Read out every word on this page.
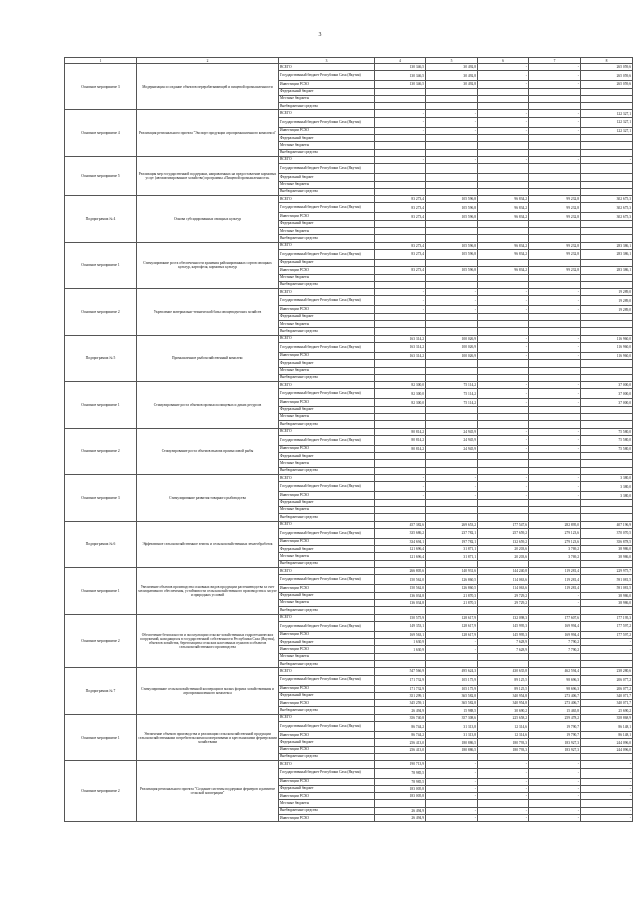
3
1	2	3	4	5	6	7	8
Основное мероприятие 3	Модернизация и создание объектов перерабатывающей и пищевой промышленности	ВСЕГО	130 346,5	30 492,8	-	-	265 059,6
		Государственный бюджет Республики Саха (Якутия)	130 346,5	30 492,8	-	-	265 059,6
		Инвестиции РСХО	130 346,5	30 492,8	-	-	265 059,6
		Федеральный бюджет					
		Местные бюджеты					
		Внебюджетные средства					
Основное мероприятие 4	Реализация регионального проекта "Экспорт продукции агропромышленного комплекса"	ВСЕГО	-	-	-	-	122 327,1
		Государственный бюджет Республики Саха (Якутия)	-	-	-	-	122 327,1
		Инвестиции РСХО	-	-	-	-	122 327,1
		Федеральный бюджет					
		Местные бюджеты					
		Внебюджетные средства					
Основное мероприятие 5	Реализация мер государственной поддержки, направленных на предоставление кормовых услуг (автоматизированное хозяйство) программы «Пищевой промышленности»	ВСЕГО	-	-	-	-	-
		Государственный бюджет Республики Саха (Якутия)					
		Федеральный бюджет					
		Местные бюджеты					
		Внебюджетные средства					
Подпрограмма № 4	Основа субсидированных овощных культур	ВСЕГО	83 273,4	105 596,8	96 834,2	99 232,8	302 675,3
		Государственный бюджет Республики Саха (Якутия)	83 273,4	105 596,8	96 834,2	99 232,8	302 675,3
		Инвестиции РСХО	83 273,4	105 596,8	96 834,2	99 232,8	302 675,3
		Федеральный бюджет					
		Местные бюджеты					
		Внебюджетные средства					
Основное мероприятие 1	Стимулирование роста обеспеченности хранения районированных сортов овощных культур, картофеля, кормовых культур	ВСЕГО	83 273,4	105 596,8	96 834,2	99 232,8	283 386,1
		Государственный бюджет Республики Саха (Якутия)	83 273,4	105 596,8	96 834,2	99 232,8	283 386,1
		Федеральный бюджет					
		Инвестиции РСХО	83 273,4	105 596,8	96 834,2	99 232,8	283 386,1
		Местные бюджеты					
		Внебюджетные средства					
Основное мероприятие 2	Укрепление материально-технической базы овощеводческих хозяйств	ВСЕГО	-	-	-	-	19 289,0
		Государственный бюджет Республики Саха (Якутия)	-	-	-	-	19 289,0
		Инвестиции РСХО	-	-	-	-	19 289,0
		Федеральный бюджет					
		Местные бюджеты					
		Внебюджетные средства					
Подпрограмма № 5	Промышленное рыбохозяйственный комплекс	ВСЕГО	163 314,2	100 026,9	-	-	116 960,0
		Государственный бюджет Республики Саха (Якутия)	163 314,2	100 026,9	-	-	116 960,0
		Инвестиции РСХО	163 314,2	100 026,9	-	-	116 960,0
		Федеральный бюджет					
		Местные бюджеты					
		Внебюджетные средства					
Основное мероприятие 1	Стимулирование роста объемов промысла пищевых и диких ресурсов	ВСЕГО	82 300,0	75 114,2	-	-	37 000,0
		Государственный бюджет Республики Саха (Якутия)	82 300,0	75 114,2	-	-	37 000,0
		Инвестиции РСХО	82 300,0	75 114,2	-	-	37 000,0
		Федеральный бюджет					
		Местные бюджеты					
		Внебюджетные средства					
Основное мероприятие 2	Стимулирование роста объемов вылова промысловой рыбы	ВСЕГО	80 814,2	24 945,9	-	-	75 580,0
		Государственный бюджет Республики Саха (Якутия)	80 814,2	24 945,9	-	-	75 580,0
		Инвестиции РСХО	80 814,2	24 945,9	-	-	75 580,0
		Федеральный бюджет					
		Местные бюджеты					
		Внебюджетные средства					
Основное мероприятие 3	Стимулирование развития товарного рыбоводства	ВСЕГО	-	-	-	-	3 380,0
		Государственный бюджет Республики Саха (Якутия)	-	-	-	-	3 380,0
		Инвестиции РСХО	-	-	-	-	3 380,0
		Федеральный бюджет					
		Местные бюджеты					
		Внебюджетные средства					
Подпрограмма № 6	Эффективное сельскохозяйственное земель и сельскохозяйственных землеобработок	ВСЕГО	457 382,6	269 653,2	177 547,6	282 895,0	407 196,9
		Государственный бюджет Республики Саха (Якутия)	335 686,2	237 782,1	257 659,2	279 123,6	370 070,5
		Инвестиции РСХО	334 694,1	197 782,1	132 659,2	279 123,6	356 878,5
		Федеральный бюджет	121 696,4	31 871,1	20 203,6	3 769,2	38 986,0
		Местные бюджеты	121 696,4	31 871,1	20 203,6	3 769,2	38 986,0
		Внебюджетные средства					
Основное мероприятие 1	Увеличение объемов производства основных видов продукции растениеводства за счет мелиоративного обеспечения, устойчивости сельскохозяйственного производства к засухе и природных условий	ВСЕГО	266 805,6	140 931,6	144 240,8	119 281,4	229 975,7
		Государственный бюджет Республики Саха (Якутия)	150 562,0	126 860,5	114 063,6	119 281,4	591 081,5
		Инвестиции РСХО	150 562,0	126 860,5	114 063,6	119 281,4	591 081,5
		Федеральный бюджет	136 034,8	21 870,3	29 729,2	-	38 986,0
		Местные бюджеты	136 034,8	21 870,3	29 729,2	-	38 986,0
		Внебюджетные средства					
Основное мероприятие 2	Обеспечение безопасности и эксплуатации сельско-хозяйственных гидротехнических сооружений, находящихся в государственной собственности Республики Саха (Якутия), объектов хозяйства, берегозащиты сельских населенных пунктов и объектов сельскохозяйственного производства	ВСЕГО	150 575,9	128 617,9	132 098,3	177 607,6	177 195,3
		Государственный бюджет Республики Саха (Якутия)	149 353,1	128 617,9	145 995,3	169 994,4	177 597,2
		Инвестиции РСХО	169 563,1	128 617,9	145 995,3	169 994,4	177 597,2
		Федеральный бюджет	1 630,9	-	7 628,9	7 790,2	-
		Инвестиции РСХО	1 630,9	-	7 628,9	7 790,2	-
		Местные бюджеты					
		Внебюджетные средства					
Подпрограмма № 7	Стимулирование сельскохозяйственной кооперации в малых формах хозяйствования и агропромышленного комплекса	ВСЕГО	547 566,9	495 624,3	430 635,8	462 594,4	238 280,6
		Государственный бюджет Республики Саха (Якутия)	171 732,9	105 175,9	89 125,5	98 696,3	206 077,2
		Инвестиции РСХО	171 732,9	105 175,9	89 125,5	98 696,3	206 077,2
		Федеральный бюджет	351 299,1	365 582,8	340 954,8	273 406,7	340 071,7
		Инвестиции РСХО	345 259,1	365 582,8	340 954,8	273 406,7	340 071,7
		Внебюджетные средства	26 494,9	15 988,5	30 690,2	15 465,8	25 690,2
Основное мероприятие 1	Увеличение объемов производства и реализации сельскохозяйственной продукции сельскохозяйственными потребительскими кооперативами и крестьянскими фермерскими хозяйствами	ВСЕГО	356 740,8	357 308,6	225 658,2	259 478,2	358 868,9
		Государственный бюджет Республики Саха (Якутия)	86 744,2	31 313,8	12 314,6	19 790,7	86 148,1
		Инвестиции РСХО	86 744,2	31 313,8	12 314,6	19 790,7	86 148,1
		Федеральный бюджет	256 413,0	180 886,5	180 793,3	183 927,3	244 096,0
		Инвестиции РСХО	256 413,0	180 886,5	180 793,3	183 927,3	244 096,0
		Внебюджетные средства					
Основное мероприятие 2	Реализация регионального проекта "Создание системы поддержки фермеров и развитие сельской кооперации"	ВСЕГО	190 713,9	-	-	-	-
		Государственный бюджет Республики Саха (Якутия)	78 985,5	-	-	-	-
		Инвестиции РСХО	78 985,5	-	-	-	-
		Федеральный бюджет	183 005,8	-	-	-	-
		Инвестиции РСХО	183 005,8	-	-	-	-
		Местные бюджеты					
		Внебюджетные средства	26 494,9	-	-	-	-
		Инвестиции РСХО	26 494,9	-	-	-	-
